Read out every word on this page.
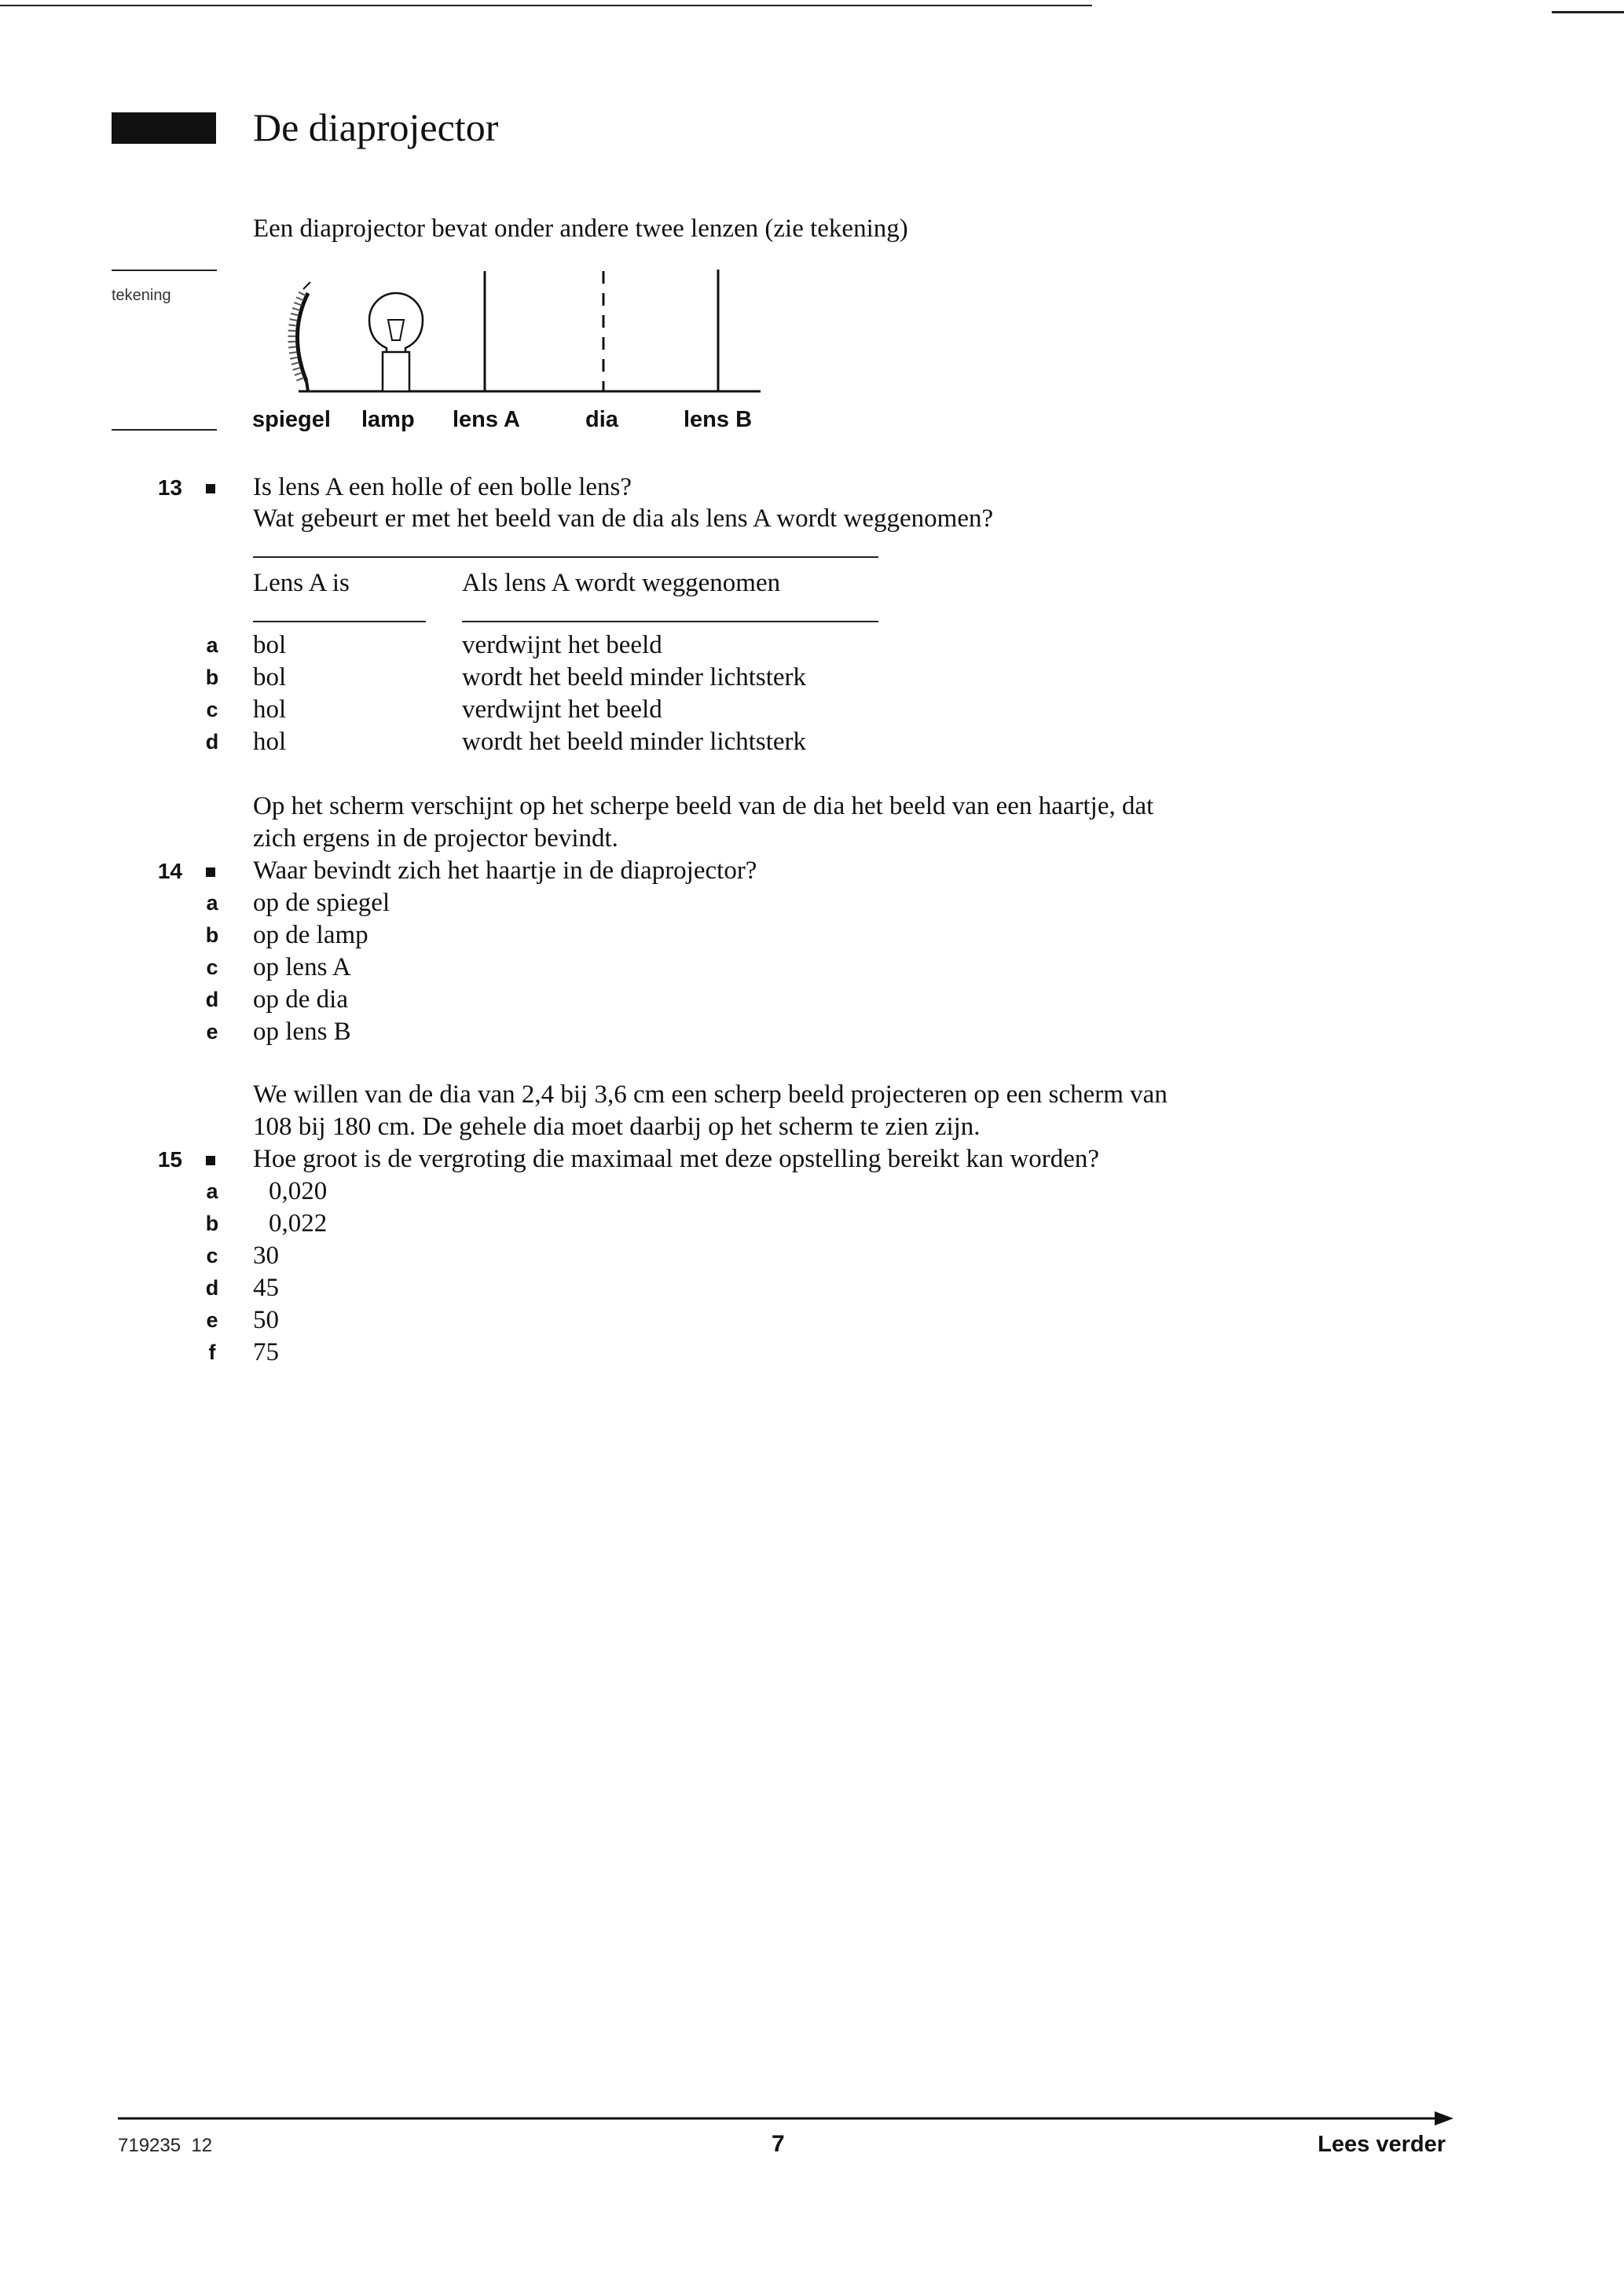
De diaprojector
Een diaprojector bevat onder andere twee lenzen (zie tekening)
tekening
spiegel lamp lens A	dia	lens B
13	Is lens A een holle of een bolle lens?
Wat gebeurt er met het beeld van de dia als lens A wordt weggenomen?
Lens A is	Als lens A wordt weggenomen
a	bol	verdwijnt het beeld
b	bol	wordt het beeld minder lichtsterk
c	hol	verdwijnt het beeld
d	hol	wordt het beeld minder lichtsterk
Op het scherm verschijnt op het scherpe beeld van de dia het beeld van een haartje, dat
zich ergens in de projector bevindt.
14	Waar bevindt zich het haartje in de diaprojector?
a	op de spiegel
b	op de lamp
c	op lens A
d	op de dia
e	op lens B
We willen van de dia van 2,4 bij 3,6 cm een scherp beeld projecteren op een scherm van
108 bij 180 cm. De gehele dia moet daarbij op het scherm te zien zijn.
15	Hoe groot is de vergroting die maximaal met deze opstelling bereikt kan worden?
a	0,020
b	0,022
c	30
d	45
e	50
f	75
719235  12	7	Lees verder
